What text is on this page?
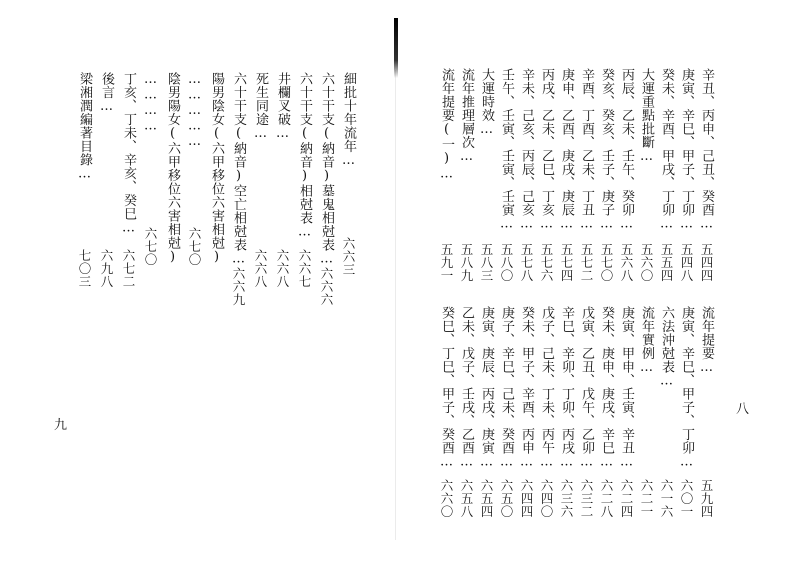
細批十年流年…
六六三
六十干支(納音)墓鬼相尅表…
六六六
六十干支(納音)相尅表…
六六七
井欄叉破…
六六八
死生同途…
六六八
六十干支(納音)空亡相尅表…
六六九
陽男陰女(六甲移位六害相尅)
……………
六七〇
陰男陽女(六甲移位六害相尅)
…………
六七〇
丁亥、丁未、辛亥、癸巳…
六七二
後言…
六九八
梁湘潤編著目錄…
七〇三
九
辛丑、丙申、己丑、癸酉…
五四四
庚寅、辛巳、甲子、丁卯…
五四八
癸未、辛酉、甲戌、丁卯…
五五四
大運重點批斷…
五六〇
丙辰、乙未、壬午、癸卯…
五六八
癸亥、癸亥、壬子、庚子…
五七〇
辛酉、丁酉、乙未、丁丑…
五七二
庚申、乙酉、庚戌、庚辰…
五七四
丙戌、乙未、乙巳、丁亥…
五七六
辛未、己亥、丙辰、己亥…
五七八
壬午、壬寅、壬寅、壬寅…
五八〇
大運時效…
五八三
流年推理層次…
五八九
流年提要(一)…
五九一
流年提要…
五九四
庚寅、辛巳、甲子、丁卯…
六〇一
六法沖尅表…
六一六
流年實例…
六二一
庚寅、甲申、壬寅、辛丑…
六二四
癸未、庚申、庚戌、辛巳…
六二八
戊寅、乙丑、戊午、乙卯…
六三二
辛巳、辛卯、丁卯、丙戌…
六三六
戊子、己未、丁未、丙午…
六四〇
癸未、甲子、辛酉、丙申…
六四四
庚子、辛巳、己未、癸酉…
六五〇
庚寅、庚辰、丙戌、庚寅…
六五四
乙未、戊子、壬戌、乙酉…
六五八
癸巳、丁巳、甲子、癸酉…
六六〇
八
